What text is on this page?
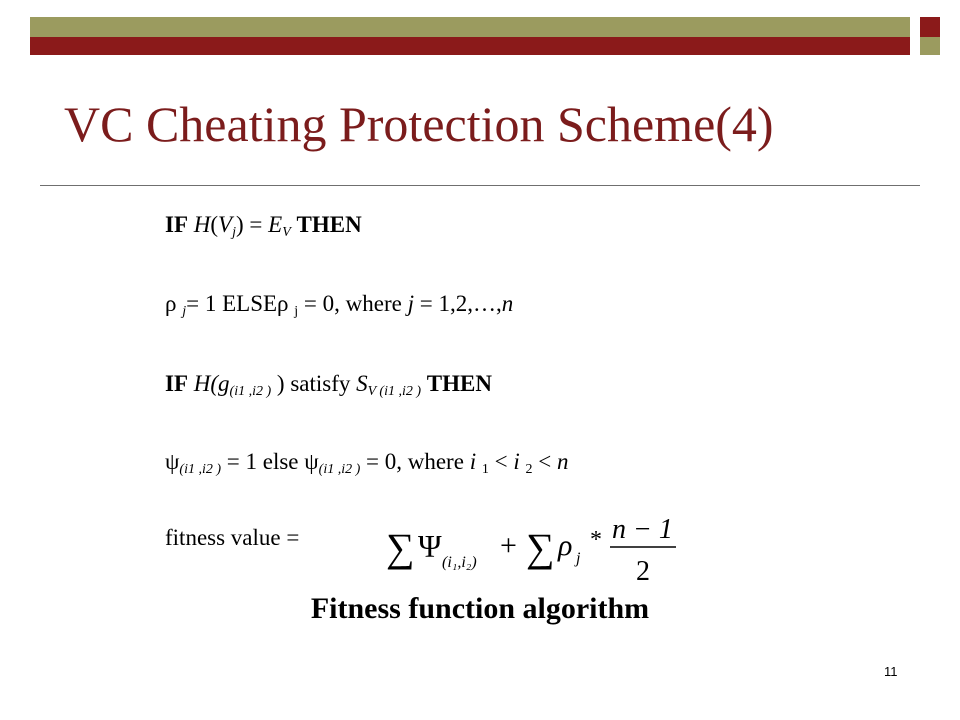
VC Cheating Protection Scheme(4)
IF $H(V_j) = E_V$ THEN
ρ $_j$= 1 ELSEρ $_j$ = 0, where j = 1,2,…,n
IF $H(g_{(i1 ,i2 )}$ ) satisfy $S_{V (i1 ,i2 )}$ THEN
$\psi_{(i1 ,i2 )} = 1$ else $\psi_{(i1 ,i2 )} = 0$, where i $_1$ < i $_2$ < n
fitness value = ∑ Ψ (i₁,i₂)
+ ∑ ρ j
* n − 1
2
Fitness function algorithm
11
